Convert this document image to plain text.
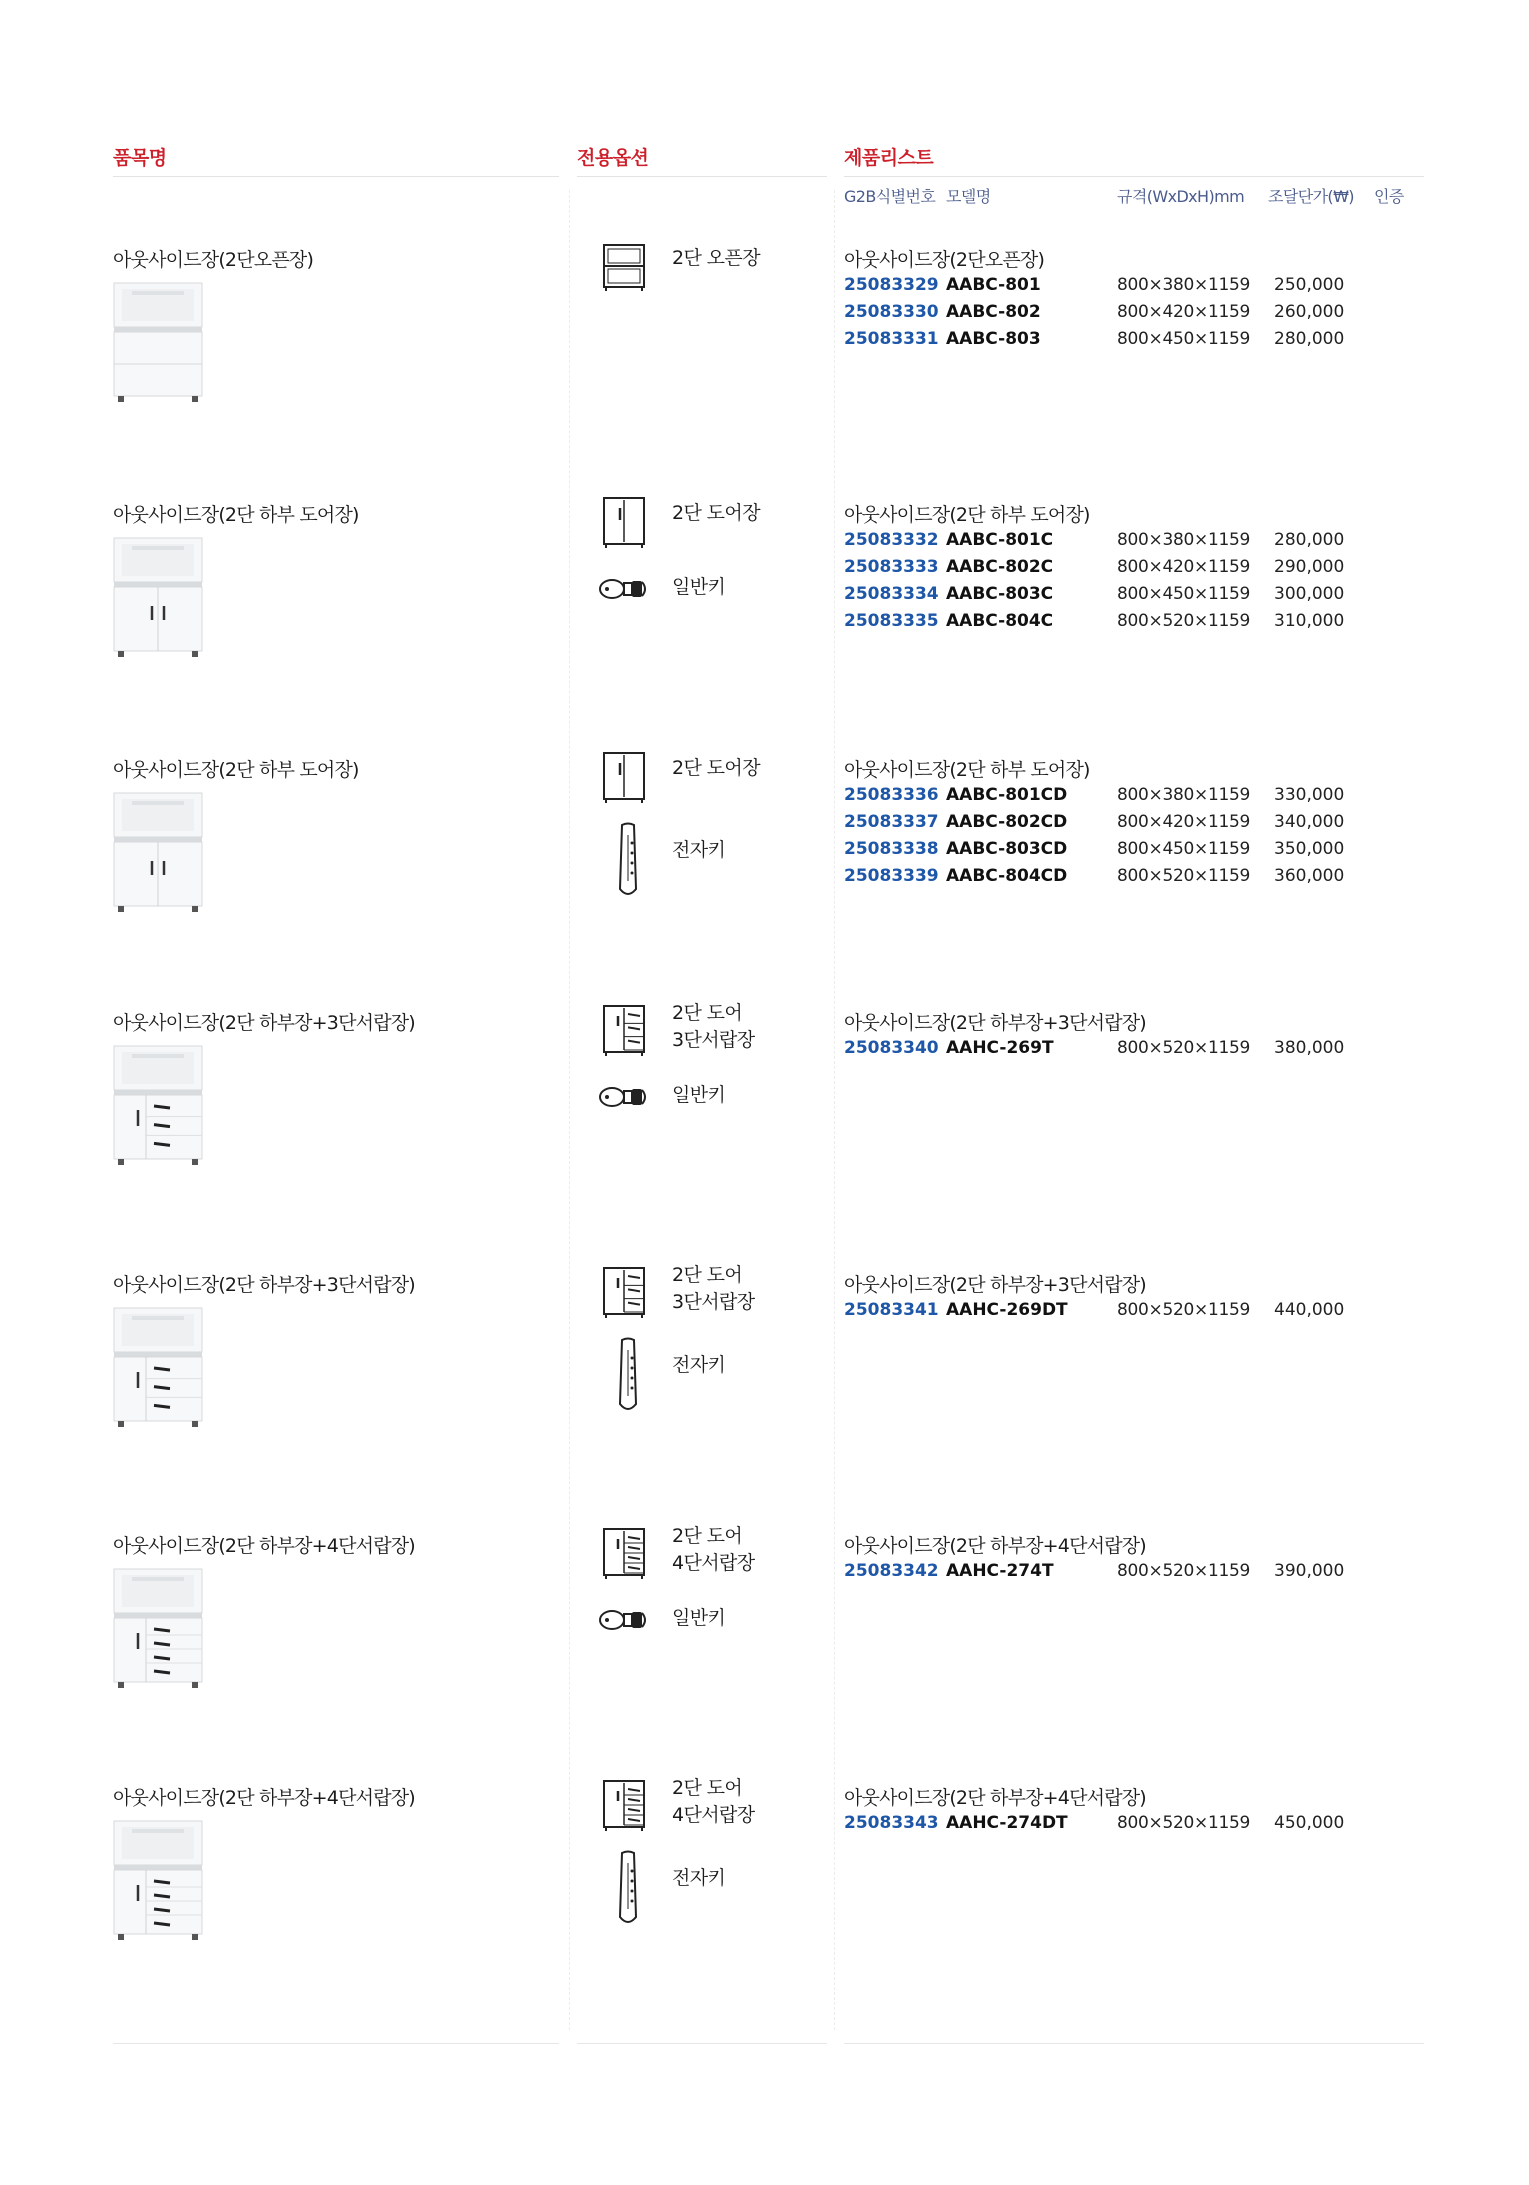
품목명	전용옵션	제품리스트
G2B식별번호 모델명	규격(WxDxH)mm 조달단가(₩) 인증
아웃사이드장(2단오픈장)	2단 오픈장	아웃사이드장(2단오픈장)
25083329 AABC-801	800×380×1159 250,000
25083330 AABC-802	800×420×1159 260,000
25083331 AABC-803	800×450×1159 280,000
아웃사이드장(2단 하부 도어장)	2단 도어장
일반키
아웃사이드장(2단 하부 도어장)
25083332 AABC-801C	800×380×1159 280,000
25083333 AABC-802C	800×420×1159 290,000
25083334 AABC-803C	800×450×1159 300,000
25083335 AABC-804C	800×520×1159 310,000
아웃사이드장(2단 하부 도어장)	2단 도어장
전자키
아웃사이드장(2단 하부 도어장)
25083336 AABC-801CD	800×380×1159 330,000
25083337 AABC-802CD	800×420×1159 340,000
25083338 AABC-803CD	800×450×1159 350,000
25083339 AABC-804CD	800×520×1159 360,000
아웃사이드장(2단 하부장+3단서랍장)	2단 도어
3단서랍장
일반키
아웃사이드장(2단 하부장+3단서랍장)
25083340 AAHC-269T	800×520×1159 380,000
아웃사이드장(2단 하부장+3단서랍장)	2단 도어
3단서랍장
전자키
아웃사이드장(2단 하부장+3단서랍장)
25083341 AAHC-269DT	800×520×1159 440,000
아웃사이드장(2단 하부장+4단서랍장)	2단 도어
4단서랍장
일반키
아웃사이드장(2단 하부장+4단서랍장)
25083342 AAHC-274T	800×520×1159 390,000
아웃사이드장(2단 하부장+4단서랍장)	2단 도어
4단서랍장
전자키
아웃사이드장(2단 하부장+4단서랍장)
25083343 AAHC-274DT	800×520×1159 450,000
